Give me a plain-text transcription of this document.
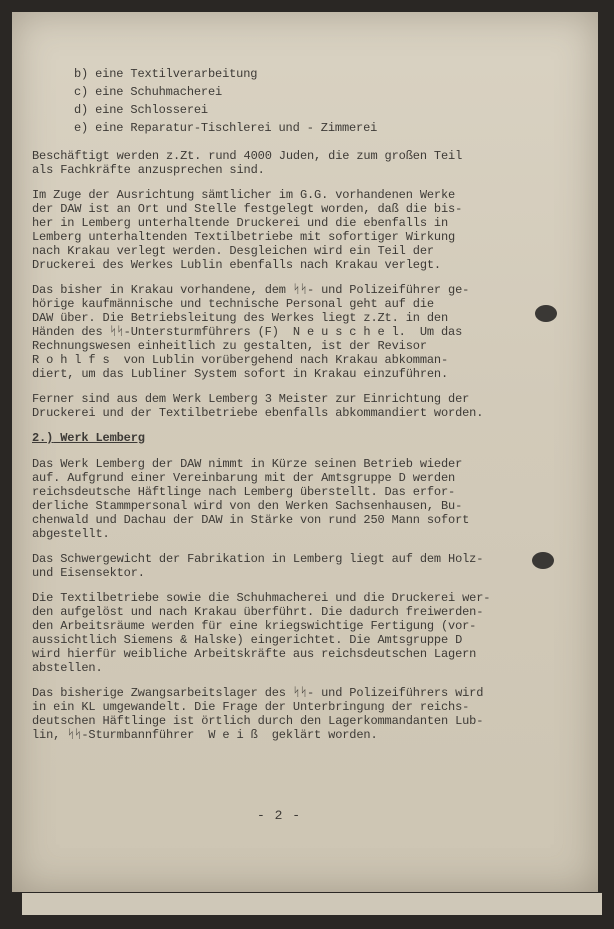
b) eine Textilverarbeitung

c) eine Schuhmacherei

d) eine Schlosserei

e) eine Reparatur-Tischlerei und - Zimmerei

Beschäftigt werden z.Zt. rund 4000 Juden, die zum großen Teil
als Fachkräfte anzusprechen sind.

Im Zuge der Ausrichtung sämtlicher im G.G. vorhandenen Werke
der DAW ist an Ort und Stelle festgelegt worden, daß die bis-
her in Lemberg unterhaltende Druckerei und die ebenfalls in
Lemberg unterhaltenden Textilbetriebe mit sofortiger Wirkung
nach Krakau verlegt werden. Desgleichen wird ein Teil der
Druckerei des Werkes Lublin ebenfalls nach Krakau verlegt.

Das bisher in Krakau vorhandene, dem ᛋᛋ- und Polizeiführer ge-
hörige kaufmännische und technische Personal geht auf die
DAW über. Die Betriebsleitung des Werkes liegt z.Zt. in den
Händen des ᛋᛋ-Untersturmführers (F)  N e u s c h e l.  Um das
Rechnungswesen einheitlich zu gestalten, ist der Revisor
R o h l f s  von Lublin vorübergehend nach Krakau abkomman-
diert, um das Lubliner System sofort in Krakau einzuführen.

Ferner sind aus dem Werk Lemberg 3 Meister zur Einrichtung der
Druckerei und der Textilbetriebe ebenfalls abkommandiert worden.

2.) Werk Lemberg

Das Werk Lemberg der DAW nimmt in Kürze seinen Betrieb wieder
auf. Aufgrund einer Vereinbarung mit der Amtsgruppe D werden
reichsdeutsche Häftlinge nach Lemberg überstellt. Das erfor-
derliche Stammpersonal wird von den Werken Sachsenhausen, Bu-
chenwald und Dachau der DAW in Stärke von rund 250 Mann sofort
abgestellt.

Das Schwergewicht der Fabrikation in Lemberg liegt auf dem Holz-
und Eisensektor.

Die Textilbetriebe sowie die Schuhmacherei und die Druckerei wer-
den aufgelöst und nach Krakau überführt. Die dadurch freiwerden-
den Arbeitsräume werden für eine kriegswichtige Fertigung (vor-
aussichtlich Siemens & Halske) eingerichtet. Die Amtsgruppe D
wird hierfür weibliche Arbeitskräfte aus reichsdeutschen Lagern
abstellen.

Das bisherige Zwangsarbeitslager des ᛋᛋ- und Polizeiführers wird
in ein KL umgewandelt. Die Frage der Unterbringung der reichs-
deutschen Häftlinge ist örtlich durch den Lagerkommandanten Lub-
lin, ᛋᛋ-Sturmbannführer  W e i ß  geklärt worden.

- 2 -
